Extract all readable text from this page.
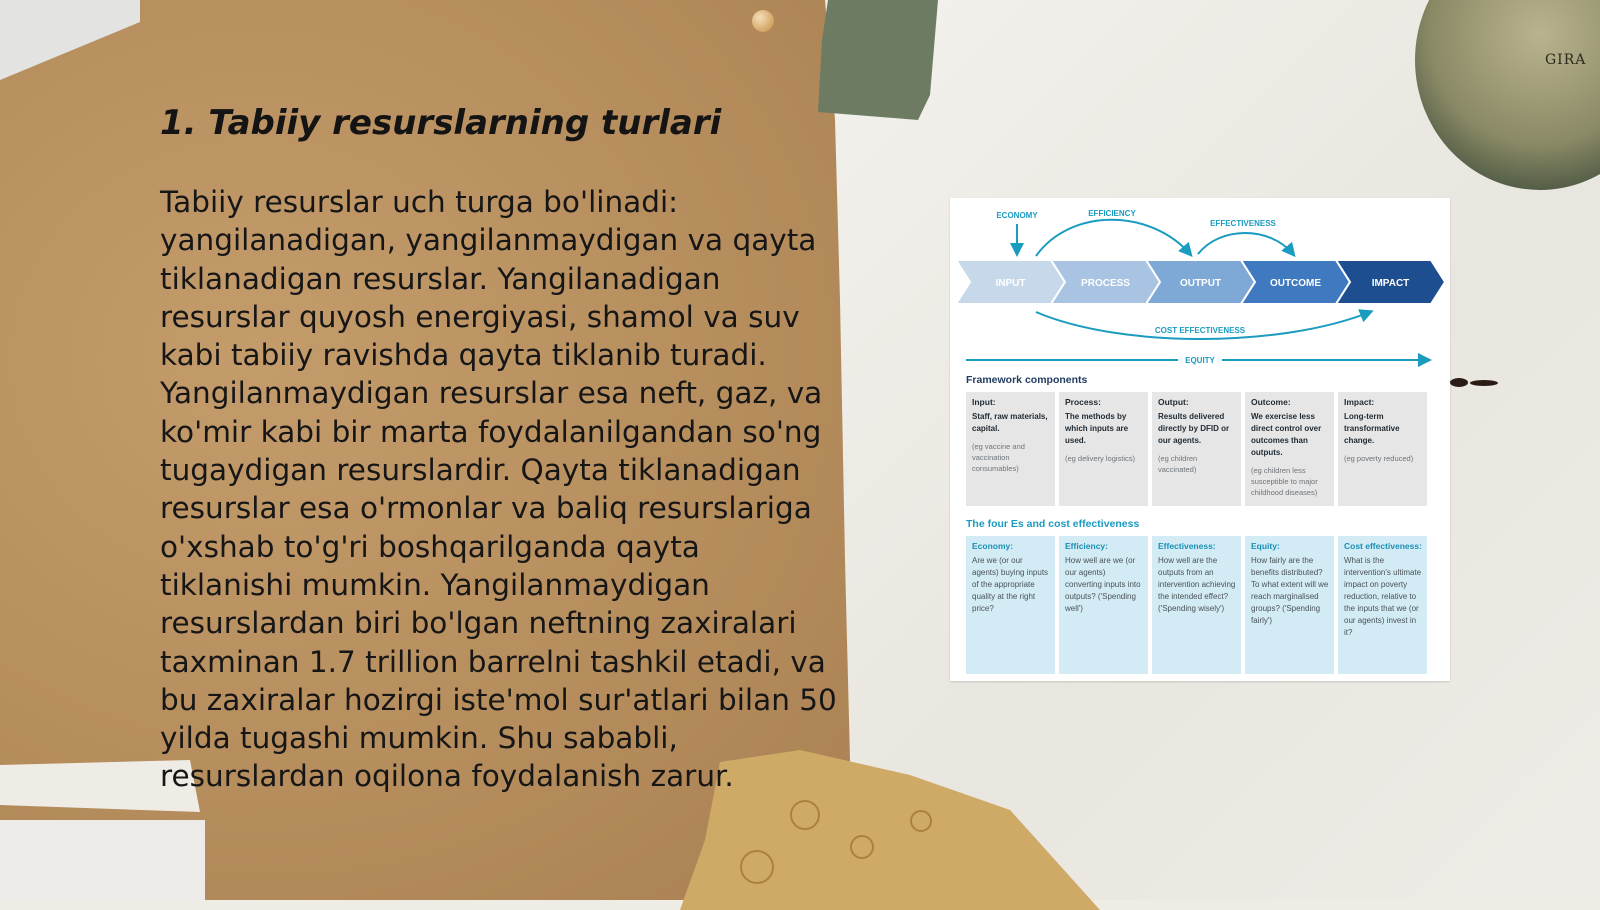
GIRA
1. Tabiiy resurslarning turlari
Tabiiy resurslar uch turga bo'linadi:
yangilanadigan, yangilanmaydigan va qayta
tiklanadigan resurslar. Yangilanadigan
resurslar quyosh energiyasi, shamol va suv
kabi tabiiy ravishda qayta tiklanib turadi.
Yangilanmaydigan resurslar esa neft, gaz, va
ko'mir kabi bir marta foydalanilgandan so'ng
tugaydigan resurslardir. Qayta tiklanadigan
resurslar esa o'rmonlar va baliq resurslariga
o'xshab to'g'ri boshqarilganda qayta
tiklanishi mumkin. Yangilanmaydigan
resurslardan biri bo'lgan neftning zaxiralari
taxminan 1.7 trillion barrelni tashkil etadi, va
bu zaxiralar hozirgi iste'mol sur'atlari bilan 50
yilda tugashi mumkin. Shu sababli,
resurslardan oqilona foydalanish zarur.
ECONOMY	EFFICIENCY
EFFECTIVENESS
INPUT	PROCESS	OUTPUT	OUTCOME	IMPACT
COST EFFECTIVENESS
EQUITY
Framework components
Input:
Staff, raw materials, capital.
(eg vaccine and vaccination consumables)
Process:
The methods by which inputs are used.
(eg delivery logistics)
Output:
Results delivered directly by DFID or our agents.
(eg children vaccinated)
Outcome:
We exercise less direct control over outcomes than outputs.
(eg children less susceptible to major childhood diseases)
Impact:
Long-term transformative change.
(eg poverty reduced)
The four Es and cost effectiveness
Economy:
Are we (or our agents) buying inputs of the appropriate quality at the right price?
Efficiency:
How well are we (or our agents) converting inputs into outputs? ('Spending well')
Effectiveness:
How well are the outputs from an intervention achieving the intended effect? ('Spending wisely')
Equity:
How fairly are the benefits distributed? To what extent will we reach marginalised groups? ('Spending fairly')
Cost effectiveness:
What is the intervention's ultimate impact on poverty reduction, relative to the inputs that we (or our agents) invest in it?
